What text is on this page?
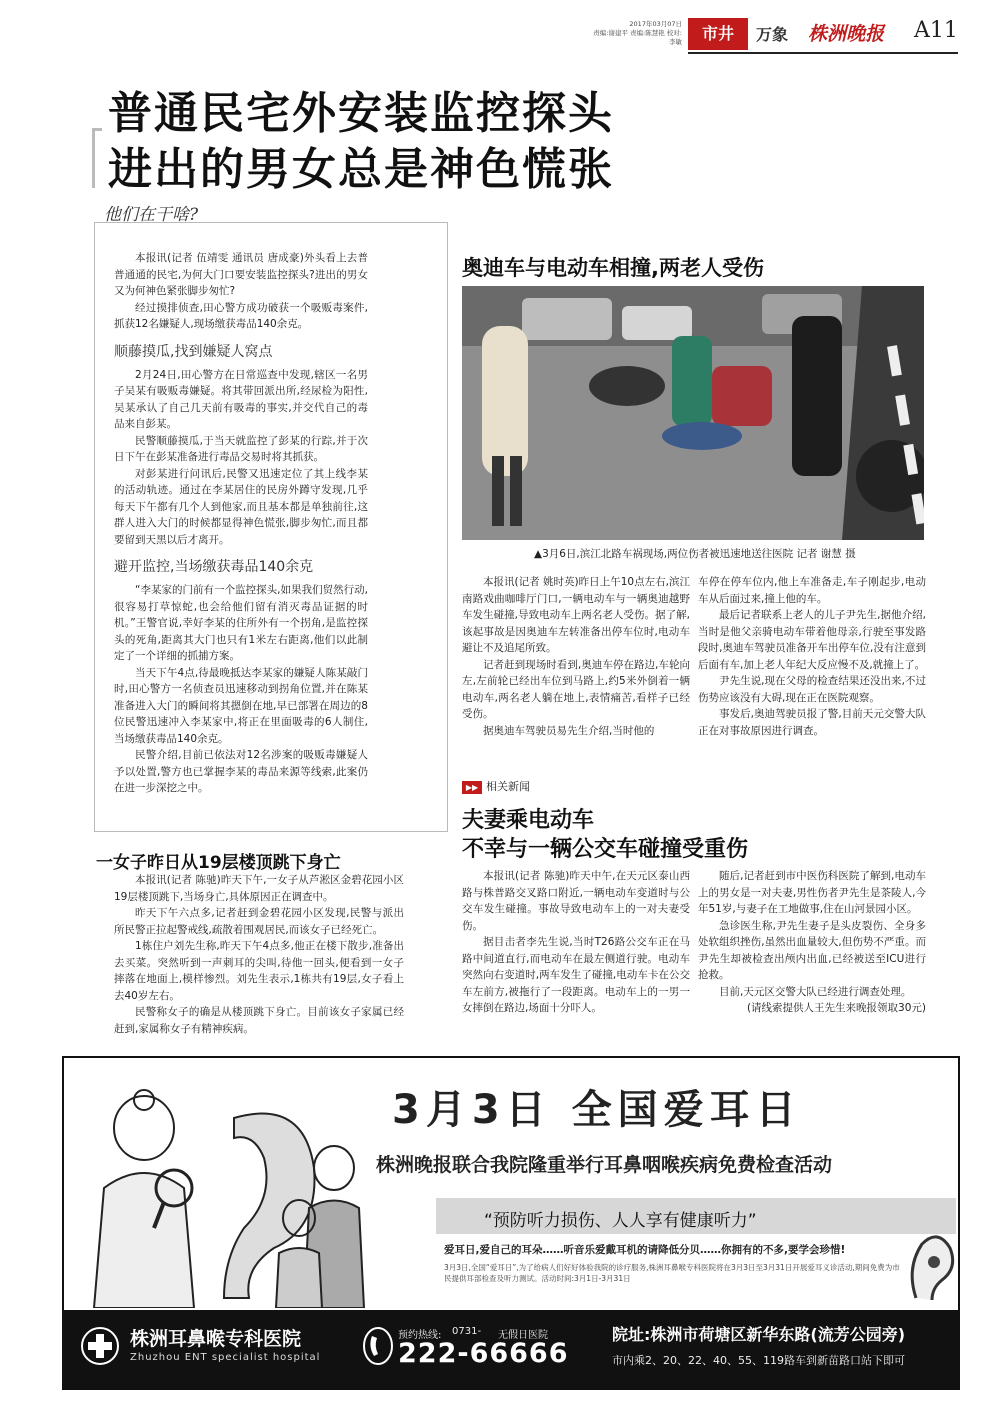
2017年03月07日
责编:谢建平 责编:陈慧艳 校对:李敏	市井	万象 株洲晚报 A11
普通民宅外安装监控探头
进出的男女总是神色慌张
他们在干啥?

本报讯(记者 伍靖雯 通讯员 唐成豪)外头看上去普普通通的民宅,为何大门口要安装监控探头?进出的男女又为何神色紧张脚步匆忙?

经过摸排侦查,田心警方成功破获一个吸贩毒案件,抓获12名嫌疑人,现场缴获毒品140余克。

顺藤摸瓜,找到嫌疑人窝点

2月24日,田心警方在日常巡查中发现,辖区一名男子吴某有吸贩毒嫌疑。将其带回派出所,经尿检为阳性,吴某承认了自己几天前有吸毒的事实,并交代自己的毒品来自彭某。

民警顺藤摸瓜,于当天就监控了彭某的行踪,并于次日下午在彭某准备进行毒品交易时将其抓获。

对彭某进行问讯后,民警又迅速定位了其上线李某的活动轨迹。通过在李某居住的民房外蹲守发现,几乎每天下午都有几个人到他家,而且基本都是单独前往,这群人进入大门的时候都显得神色慌张,脚步匆忙,而且都要留到天黑以后才离开。

避开监控,当场缴获毒品140余克

“李某家的门前有一个监控探头,如果我们贸然行动,很容易打草惊蛇,也会给他们留有消灭毒品证据的时机。”王警官说,幸好李某的住所外有一个拐角,是监控探头的死角,距离其大门也只有1米左右距离,他们以此制定了一个详细的抓捕方案。

当天下午4点,待最晚抵达李某家的嫌疑人陈某敲门时,田心警方一名侦查员迅速移动到拐角位置,并在陈某准备进入大门的瞬间将其摁倒在地,早已部署在周边的8位民警迅速冲入李某家中,将正在里面吸毒的6人制住,当场缴获毒品140余克。

民警介绍,目前已依法对12名涉案的吸贩毒嫌疑人予以处置,警方也已掌握李某的毒品来源等线索,此案仍在进一步深挖之中。

奥迪车与电动车相撞,两老人受伤
▲3月6日,滨江北路车祸现场,两位伤者被迅速地送往医院 记者 谢慧 摄

本报讯(记者 姚时英)昨日上午10点左右,滨江南路戏曲咖啡厅门口,一辆电动车与一辆奥迪越野车发生碰撞,导致电动车上两名老人受伤。据了解,该起事故是因奥迪车左转准备出停车位时,电动车避让不及追尾所致。

记者赶到现场时看到,奥迪车停在路边,车轮向左,左前轮已经出车位到马路上,约5米外倒着一辆电动车,两名老人躺在地上,表情痛苦,看样子已经受伤。

据奥迪车驾驶员易先生介绍,当时他的

车停在停车位内,他上车准备走,车子刚起步,电动车从后面过来,撞上他的车。

最后记者联系上老人的儿子尹先生,据他介绍,当时是他父亲骑电动车带着他母亲,行驶至事发路段时,奥迪车驾驶员准备开车出停车位,没有注意到后面有车,加上老人年纪大反应慢不及,就撞上了。

尹先生说,现在父母的检查结果还没出来,不过伤势应该没有大碍,现在正在医院观察。

事发后,奥迪驾驶员报了警,目前天元交警大队正在对事故原因进行调查。

▶▶ 相关新闻
夫妻乘电动车
不幸与一辆公交车碰撞受重伤

本报讯(记者 陈驰)昨天中午,在天元区泰山西路与株普路交叉路口附近,一辆电动车变道时与公交车发生碰撞。事故导致电动车上的一对夫妻受伤。

据目击者李先生说,当时T26路公交车正在马路中间道直行,而电动车在最左侧道行驶。电动车突然向右变道时,两车发生了碰撞,电动车卡在公交车左前方,被拖行了一段距离。电动车上的一男一女摔倒在路边,场面十分吓人。

随后,记者赶到市中医伤科医院了解到,电动车上的男女是一对夫妻,男性伤者尹先生是茶陵人,今年51岁,与妻子在工地做事,住在山河景园小区。

急诊医生称,尹先生妻子是头皮裂伤、全身多处软组织挫伤,虽然出血量较大,但伤势不严重。而尹先生却被检查出颅内出血,已经被送至ICU进行抢救。

目前,天元区交警大队已经进行调查处理。

(请线索提供人王先生来晚报领取30元)

一女子昨日从19层楼顶跳下身亡

本报讯(记者 陈驰)昨天下午,一女子从芦淞区金碧花园小区19层楼顶跳下,当场身亡,具体原因正在调查中。

昨天下午六点多,记者赶到金碧花园小区发现,民警与派出所民警正拉起警戒线,疏散着围观居民,而该女子已经死亡。

1栋住户刘先生称,昨天下午4点多,他正在楼下散步,准备出去买菜。突然听到一声刺耳的尖叫,待他一回头,便看到一女子摔落在地面上,模样惨烈。刘先生表示,1栋共有19层,女子看上去40岁左右。

民警称女子的确是从楼顶跳下身亡。目前该女子家属已经赶到,家属称女子有精神疾病。

3月3日 全国爱耳日
株洲晚报联合我院隆重举行耳鼻咽喉疾病免费检查活动
“预防听力损伤、人人享有健康听力”
爱耳日,爱自己的耳朵……听音乐爱戴耳机的请降低分贝……你拥有的不多,要学会珍惜!
3月3日,全国“爱耳日”,为了给病人们好好体验我院的诊疗服务,株洲耳鼻喉专科医院将在3月3日至3月31日开展爱耳义诊活动,期间免费为市民提供耳部检查及听力测试。活动时间:3月1日-3月31日
株洲耳鼻喉专科医院
Zhuzhou ENT specialist hospital
预约热线: 0731- 无假日医院
222-66666
院址:株洲市荷塘区新华东路(流芳公园旁)
市内乘2、20、22、40、55、119路车到新苗路口站下即可
